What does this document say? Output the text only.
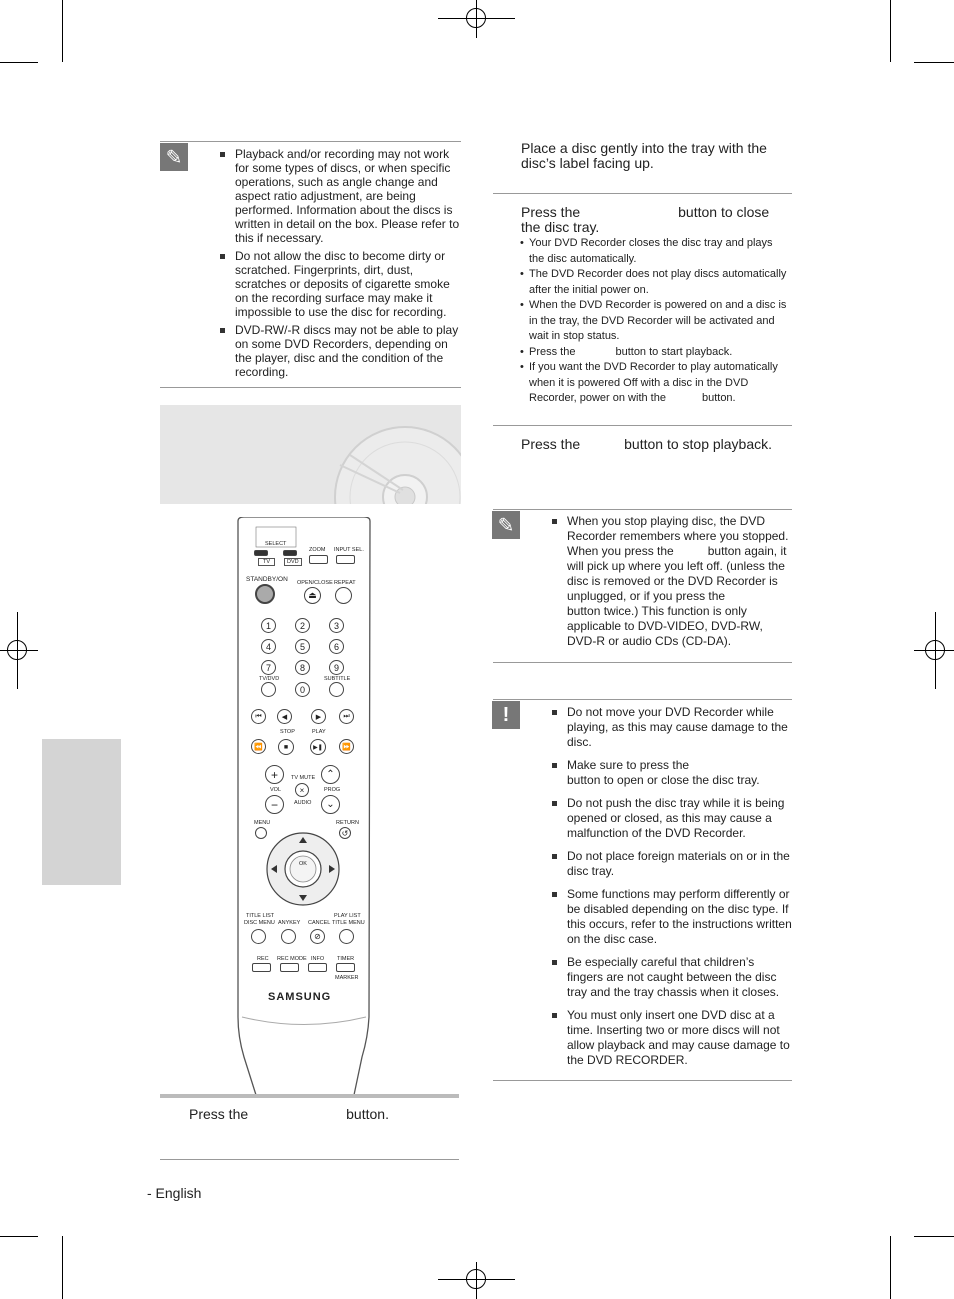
✎	Playback and/or recording may not work for some types of discs, or when specific operations, such as angle change and aspect ratio adjustment, are being performed. Information about the discs is written in detail on the box. Please refer to this if necessary.
Do not allow the disc to become dirty or scratched. Fingerprints, dirt, dust, scratches or deposits of cigarette smoke on the recording surface may make it impossible to use the disc for recording.
DVD-RW/-R discs may not be able to play on some DVD Recorders, depending on the player, disc and the condition of the recording.
SELECT
TV	DVD
ZOOM INPUT SEL.
STANDBY/ON OPEN/CLOSE
⏏
REPEAT
1	2	3
4	5	6
7	8	9
TV/DVD
0
SUBTITLE
⏮	◀	▶	⏭
STOP	PLAY
⏪	■	▶❚	⏩
+	TV MUTE	⌃
VOL	×	PROG
AUDIO
−	⌄
MENU	RETURN
↺
OK
TITLE LIST
DISC MENU ANYKEY CANCEL
PLAY LIST
TITLE MENU
⊘
REC REC MODE INFO TIMER
MARKER
SAMSUNG
Press the	button.
Place a disc gently into the tray with the disc’s label facing up.
Press the	button to close the disc tray.
• Your DVD Recorder closes the disc tray and plays the disc automatically.
• The DVD Recorder does not play discs automatically after the initial power on.
• When the DVD Recorder is powered on and a disc is in the tray, the DVD Recorder will be activated and wait in stop status.
• Press the	button to start playback.
• If you want the DVD Recorder to play automatically when it is powered Off with a disc in the DVD Recorder, power on with the	button.
Press the	button to stop playback.
✎	When you stop playing disc, the DVD Recorder remembers where you stopped. When you press the	button again, it will pick up where you left off. (unless the disc is removed or the DVD Recorder is unplugged, or if you press the
button twice.) This function is only applicable to DVD-VIDEO, DVD-RW, DVD-R or audio CDs (CD-DA).
!	Do not move your DVD Recorder while playing, as this may cause damage to the disc.
Make sure to press the
button to open or close the disc tray.
Do not push the disc tray while it is being opened or closed, as this may cause a malfunction of the DVD Recorder.
Do not place foreign materials on or in the disc tray.
Some functions may perform differently or be disabled depending on the disc type. If this occurs, refer to the instructions written on the disc case.
Be especially careful that children’s fingers are not caught between the disc tray and the tray chassis when it closes.
You must only insert one DVD disc at a time. Inserting two or more discs will not allow playback and may cause damage to the DVD RECORDER.
- English
